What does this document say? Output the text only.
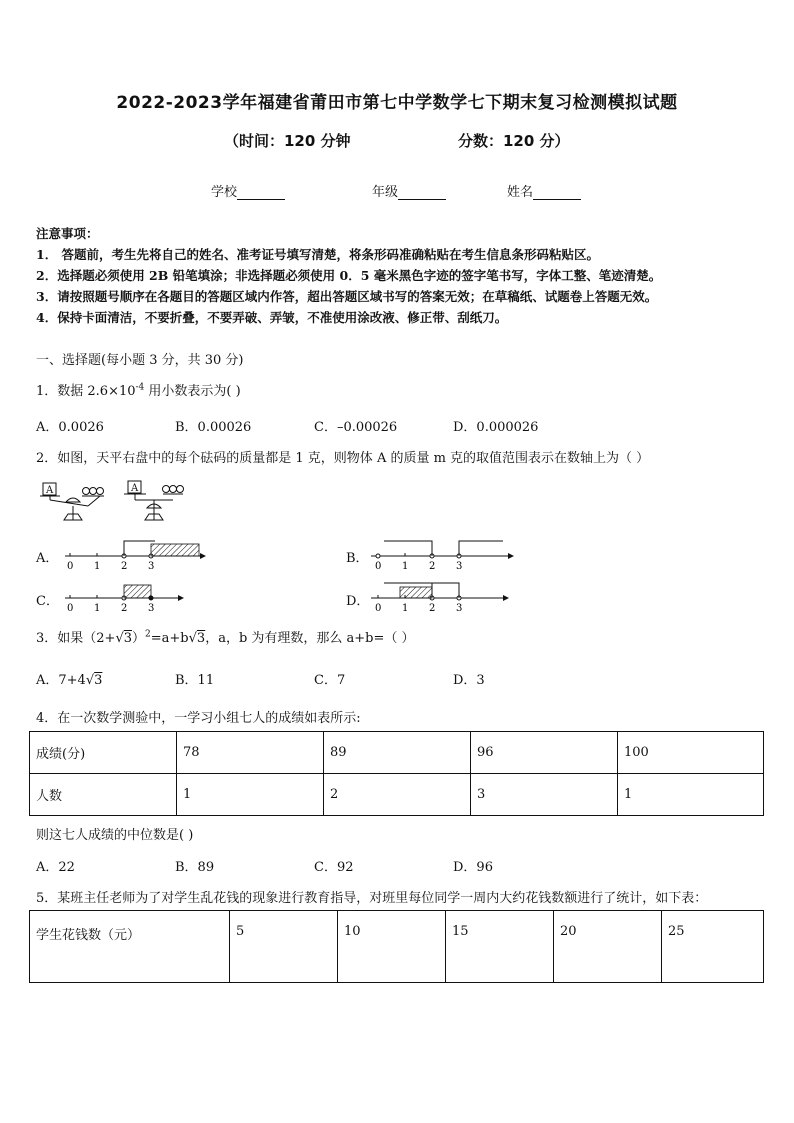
2022-2023学年福建省莆田市第七中学数学七下期末复习检测模拟试题
（时间：120 分钟	分数：120 分）
学校	年级	姓名
注意事项：
1． 答题前，考生先将自己的姓名、准考证号填写清楚，将条形码准确粘贴在考生信息条形码粘贴区。
2．选择题必须使用 2B 铅笔填涂；非选择题必须使用 0．5 毫米黑色字迹的签字笔书写，字体工整、笔迹清楚。
3．请按照题号顺序在各题目的答题区域内作答，超出答题区域书写的答案无效；在草稿纸、试题卷上答题无效。
4．保持卡面清洁，不要折叠，不要弄破、弄皱，不准使用涂改液、修正带、刮纸刀。
一、选择题(每小题 3 分，共 30 分)
1．数据 $2.6\times 10^{-4}$ 用小数表示为( )
A．0.0026	B．0.00026	C．–0.00026	D．0.000026
2．如图，天平右盘中的每个砝码的质量都是 1 克，则物体 A 的质量 m 克的取值范围表示在数轴上为（ ）
A	A
A．
0 1 2 3
B．
0 1 2 3
C． 0 1 2 3	D． 0 1 2 3
3．如果$(2+√3)^2=a+b√3$，a，b 为有理数，那么 a+b=（ ）
A．7+4√3	B．11	C．7	D．3
4．在一次数学测验中，一学习小组七人的成绩如表所示:
成绩(分)	78	89	96	100
人数	1	2	3	1
则这七人成绩的中位数是( )
A．22	B．89	C．92	D．96
5．某班主任老师为了对学生乱花钱的现象进行教育指导，对班里每位同学一周内大约花钱数额进行了统计，如下表：
学生花钱数（元）	5	10	15	20	25
